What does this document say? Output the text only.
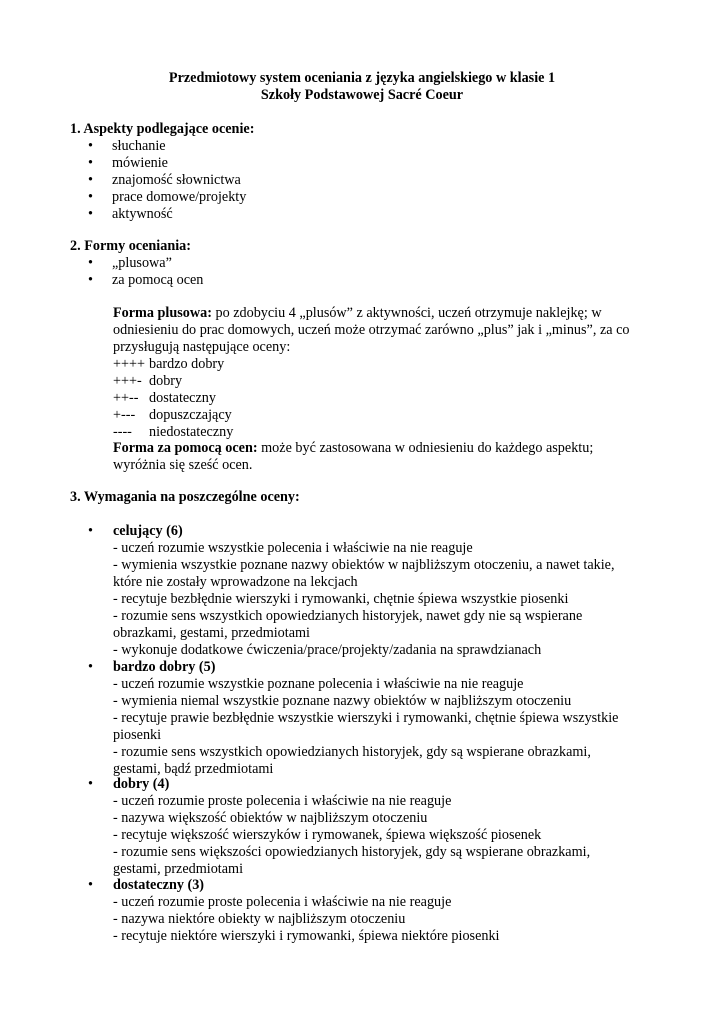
Przedmiotowy system oceniania z języka angielskiego w klasie 1
Szkoły Podstawowej Sacré Coeur
1. Aspekty podlegające ocenie:
• słuchanie
• mówienie
• znajomość słownictwa
• prace domowe/projekty
• aktywność
2. Formy oceniania:
• „plusowa”
• za pomocą ocen
Forma plusowa: po zdobyciu 4 „plusów” z aktywności, uczeń otrzymuje naklejkę; w
odniesieniu do prac domowych, uczeń może otrzymać zarówno „plus” jak i „minus”, za co
przysługują następujące oceny:
++++ bardzo dobry
+++- dobry
++-- dostateczny
+--- dopuszczający
---- niedostateczny
Forma za pomocą ocen: może być zastosowana w odniesieniu do każdego aspektu;
wyróżnia się sześć ocen.
3. Wymagania na poszczególne oceny:
• celujący (6)
- uczeń rozumie wszystkie polecenia i właściwie na nie reaguje
- wymienia wszystkie poznane nazwy obiektów w najbliższym otoczeniu, a nawet takie,
które nie zostały wprowadzone na lekcjach
- recytuje bezbłędnie wierszyki i rymowanki, chętnie śpiewa wszystkie piosenki
- rozumie sens wszystkich opowiedzianych historyjek, nawet gdy nie są wspierane
obrazkami, gestami, przedmiotami
- wykonuje dodatkowe ćwiczenia/prace/projekty/zadania na sprawdzianach
• bardzo dobry (5)
- uczeń rozumie wszystkie poznane polecenia i właściwie na nie reaguje
- wymienia niemal wszystkie poznane nazwy obiektów w najbliższym otoczeniu
- recytuje prawie bezbłędnie wszystkie wierszyki i rymowanki, chętnie śpiewa wszystkie
piosenki
- rozumie sens wszystkich opowiedzianych historyjek, gdy są wspierane obrazkami,
gestami, bądź przedmiotami
• dobry (4)
- uczeń rozumie proste polecenia i właściwie na nie reaguje
- nazywa większość obiektów w najbliższym otoczeniu
- recytuje większość wierszyków i rymowanek, śpiewa większość piosenek
- rozumie sens większości opowiedzianych historyjek, gdy są wspierane obrazkami,
gestami, przedmiotami
• dostateczny (3)
- uczeń rozumie proste polecenia i właściwie na nie reaguje
- nazywa niektóre obiekty w najbliższym otoczeniu
- recytuje niektóre wierszyki i rymowanki, śpiewa niektóre piosenki
